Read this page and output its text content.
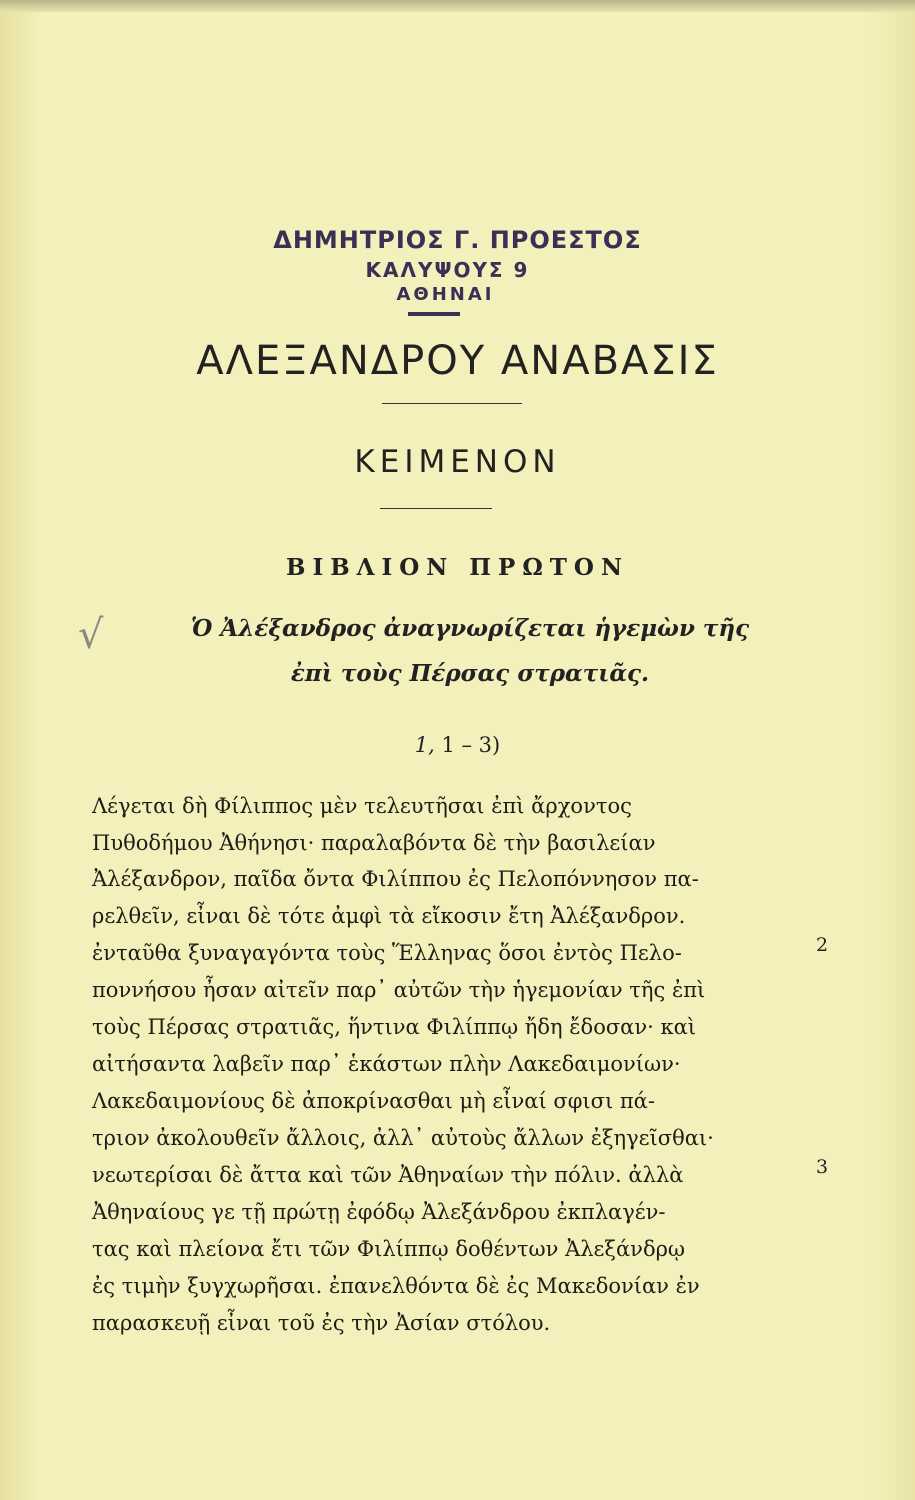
ΔΗΜΗΤΡΙΟΣ Γ. ΠΡΟΕΣΤΟΣ
ΚΑΛΥΨΟΥΣ 9
ΑΘΗΝΑΙ
ΑΛΕΞΑΝΔΡΟΥ ΑΝΑΒΑΣΙΣ
ΚΕΙΜΕΝΟΝ
ΒΙΒΛΙΟΝ ΠΡΩΤΟΝ
√	Ὁ Ἀλέξανδρος ἀναγνωρίζεται ἡγεμὼν τῆς
ἐπὶ τοὺς Πέρσας στρατιᾶς.
1, 1 – 3)
Λέγεται δὴ Φίλιππος μὲν τελευτῆσαι ἐπὶ ἄρχοντος
Πυθοδήμου Ἀθήνησι· παραλαβόντα δὲ τὴν βασιλείαν
Ἀλέξανδρον, παῖδα ὄντα Φιλίππου ἐς Πελοπόννησον πα-
ρελθεῖν, εἶναι δὲ τότε ἀμφὶ τὰ εἴκοσιν ἔτη Ἀλέξανδρον.
ἐνταῦθα ξυναγαγόντα τοὺς Ἕλληνας ὅσοι ἐντὸς Πελο-
ποννήσου ἦσαν αἰτεῖν παρ᾽ αὐτῶν τὴν ἡγεμονίαν τῆς ἐπὶ
τοὺς Πέρσας στρατιᾶς, ἥντινα Φιλίππῳ ἤδη ἔδοσαν· καὶ
αἰτήσαντα λαβεῖν παρ᾽ ἑκάστων πλὴν Λακεδαιμονίων·
Λακεδαιμονίους δὲ ἀποκρίνασθαι μὴ εἶναί σφισι πά-
τριον ἀκολουθεῖν ἄλλοις, ἀλλ᾽ αὐτοὺς ἄλλων ἐξηγεῖσθαι·
νεωτερίσαι δὲ ἄττα καὶ τῶν Ἀθηναίων τὴν πόλιν. ἀλλὰ
Ἀθηναίους γε τῇ πρώτῃ ἐφόδῳ Ἀλεξάνδρου ἐκπλαγέν-
τας καὶ πλείονα ἔτι τῶν Φιλίππῳ δοθέντων Ἀλεξάνδρῳ
ἐς τιμὴν ξυγχωρῆσαι. ἐπανελθόντα δὲ ἐς Μακεδονίαν ἐν
παρασκευῇ εἶναι τοῦ ἐς τὴν Ἀσίαν στόλου.
2
3
